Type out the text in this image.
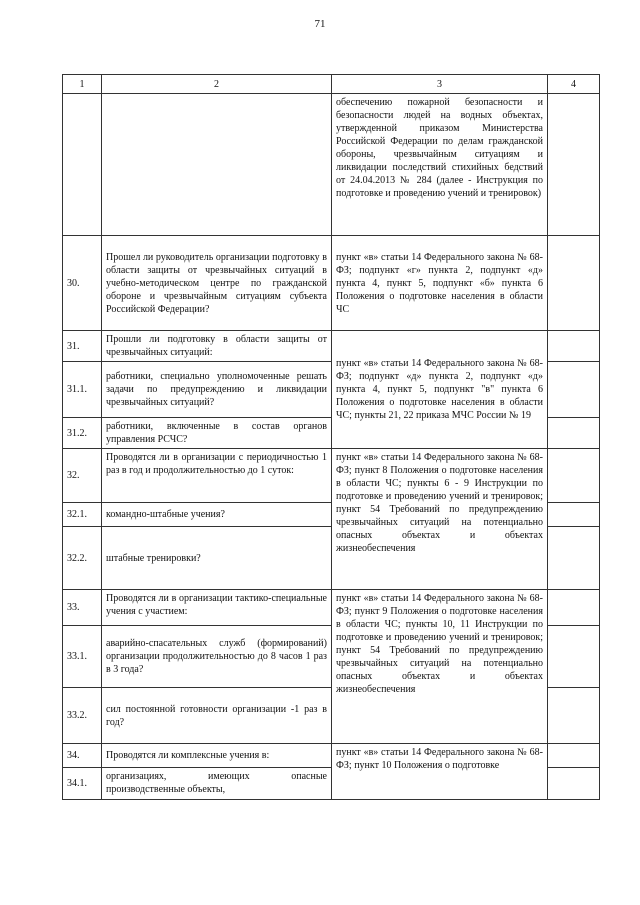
71
1	2	3	4
		обеспечению пожарной безопасности и безопасности людей на водных объектах, утвержденной приказом Министерства Российской Федерации по делам гражданской обороны, чрезвычайным ситуациям и ликвидации последствий стихийных бедствий от 24.04.2013 № 284 (далее - Инструкция по подготовке и проведению учений и тренировок)	
30.	Прошел ли руководитель организации подготовку в области защиты от чрезвычайных ситуаций в учебно-методическом центре по гражданской обороне и чрезвычайным ситуациям субъекта Российской Федерации?	пункт «в» статьи 14 Федерального закона № 68-ФЗ; подпункт «г» пункта 2, подпункт «д» пункта 4, пункт 5, подпункт «б» пункта 6 Положения о подготовке населения в области ЧС	
31.	Прошли ли подготовку в области защиты от чрезвычайных ситуаций:	пункт «в» статьи 14 Федерального закона № 68-ФЗ; подпункт «д» пункта 2, подпункт «д» пункта 4, пункт 5, подпункт "в" пункта 6 Положения о подготовке населения в области ЧС; пункты 21, 22 приказа МЧС России № 19	
31.1.	работники, специально уполномоченные решать задачи по предупреждению и ликвидации чрезвычайных ситуаций?		
31.2.	работники, включенные в состав органов управления РСЧС?		
32.	Проводятся ли в организации с периодичностью 1 раз в год и продолжительностью до 1 суток:	пункт «в» статьи 14 Федерального закона № 68-ФЗ; пункт 8 Положения о подготовке населения в области ЧС; пункты 6 - 9 Инструкции по подготовке и проведению учений и тренировок; пункт 54 Требований по предупреждению чрезвычайных ситуаций на потенциально опасных объектах и объектах жизнеобеспечения	
32.1.	командно-штабные учения?		
32.2.	штабные тренировки?		
33.	Проводятся ли в организации тактико-специальные учения с участием:	пункт «в» статьи 14 Федерального закона № 68-ФЗ; пункт 9 Положения о подготовке населения в области ЧС; пункты 10, 11 Инструкции по подготовке и проведению учений и тренировок; пункт 54 Требований по предупреждению чрезвычайных ситуаций на потенциально опасных объектах и объектах жизнеобеспечения	
33.1.	аварийно-спасательных служб (формирований) организации продолжительностью до 8 часов 1 раз в 3 года?		
33.2.	сил постоянной готовности организации -1 раз в год?		
34.	Проводятся ли комплексные учения в:	пункт «в» статьи 14 Федерального закона № 68-ФЗ; пункт 10 Положения о подготовке	
34.1.	организациях, имеющих опасные производственные объекты,		
